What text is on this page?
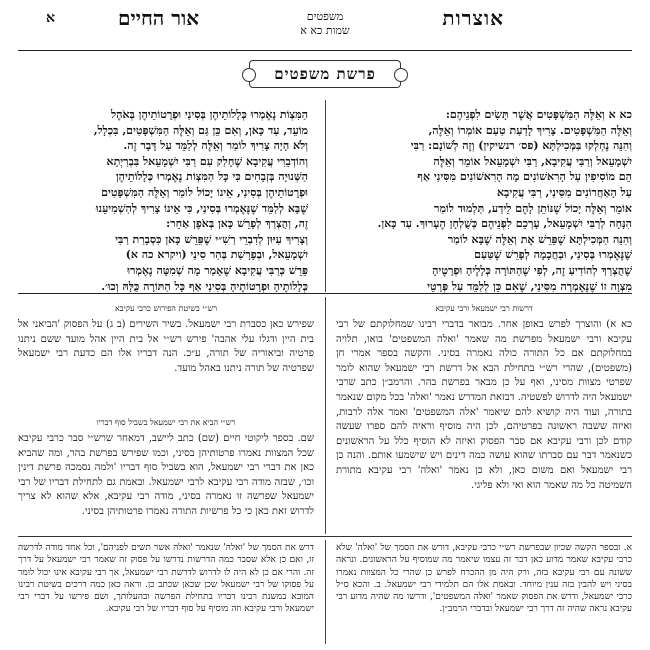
אוצרות
משפטים
שמות כא א
אור החיים
א
פרשת משפטים

כא א וְאֵלֶּה הַמִּשְׁפָּטִים אֲשֶׁר תָּשִׂים לִפְנֵיהֶם:

וְאֵלֶּה הַמִּשְׁפָּטִים. צָרִיךְ לָדַעַת טַעַם אוֹמְרוֹ וְאֵלֶּה,

וְהִנֵּה נֶחְלְקוּ בַּמְּכִילְתָּא (פס׳ רנשיקין) וְזֶה לְשׁוֹנָם: רַבִּי

יִשְׁמָעֵאל וְרַבִּי עֲקִיבָא, רַבִּי יִשְׁמָעֵאל אוֹמֵר וְאֵלֶּה

הֵם מוֹסִיפִין עַל הָרִאשׁוֹנִים מָה הָרִאשׁוֹנִים מִסִּינַי אַף

עַל הָאַחֲרוֹנִים מִסִּינַי, רַבִּי עֲקִיבָא

אוֹמֵר וְאֵלֶּה יָכוֹל שֶׁנּוֹתֵן לָהֶם לֵידַע, תַּלְמוּד לוֹמַר

הִנָּחָה לְרַבִּי יִשְׁמָעֵאל, עָרְכֵם לִפְנֵיהֶם כְּשֻׁלְחָן הֶעָרוּךְ. עַד כָּאן.

וְהִנֵּה הַמְּכִילְתָּא שֶׁפֵּרֵשׁ אֶת וְאֵלֶּה שֶׁבָּא לוֹמַר

שֶׁנֶּאֶמְרוּ בְּסִינַי, וּבַחֲכָמָה לְפָרֵשׁ שֶׁטַּעַם

שֶׁהֻצְרַךְ לְהוֹדִיעַ זֶה, לְפִי שֶׁהַתּוֹרָה כְּלָלֶיהָ וּפְרָטֶיהָ

מִצְוָה זוֹ שֶׁנֶּאֶמְרָה מִסִּינַי, שֶׁאִם כֵּן לְלַמֵּד עַל פְּרָטֵי

הַמִּצְוֹת נֶאֶמְרוּ כְּלָלוֹתֵיהֶן בְּסִינַי וּפְרָטוֹתֵיהֶן בְּאֹהֶל

מוֹעֵד, עַד כָּאן, וְאִם כֵּן גַּם וְאֵלֶּה הַמִּשְׁפָּטִים, בִּכְלָל,

וְלֹא הָיָה צָרִיךְ לוֹמַר וְאֵלֶּה לְלַמֵּד עַל דָּבָר זֶה.

וְהוֹדְבֵרִי עֲקִיבָא שֶׁחָלַק עִם רַבִּי יִשְׁמָעֵאל בִּבְרַיְתָא

הַשְּׁנוּיָה בְּזְבָחִים כִּי כָּל הַמִּצְוֹת נֶאֶמְרוּ כְּלָלוֹתֵיהֶן

וּפְרָטוֹתֵיהֶן בְּסִינַי, אֵינוֹ יָכוֹל לוֹמַר וְאֵלֶּה הַמִּשְׁפָּטִים

שֶׁבָּא לְלַמֵּד שֶׁנֶּאֶמְרוּ בְּסִינַי, כִּי אֵינוֹ צָרִיךְ לְהַשְׁמִיעֵנוּ

זֶה, וְהֻצְרַךְ לְפָרֵשׁ כָּאן בְּאֹפֶן אַחֵר:

וְצָרִיךְ עִיּוּן לְדִבְרֵי רַשִׁ״י שֶׁפֵּרֵשׁ כָּאן כִּסְבָרַת רַבִּי

יִשְׁמָעֵאל, וּבְפָרָשַׁת בְּהַר סִינַי (ויקרא כה א)

פֵּרֵשׁ כְּרַבִּי עֲקִיבָא שֶׁאָמַר מָה שְׁמִטָּה נֶאֶמְרוּ

כְּלָלוֹתֶיהָ וּפְרָטוֹתֶיהָ בְּסִינַי אַף כָּל הַתּוֹרָה כֻּלָּהּ וְכוּ׳.

דרשות רבי ישמעאל ורבי עקיבא

כא א) והוצרך לפרש באופן אחר. מבואר בדברי רבינו שמחלוקתם של רבי עקיבא ורבי ישמעאל מפרשת מה שאמר 'ואלה המשפטים' בואו, תלויה במחלוקתם אם כל התורה כולה נאמרה בסיני. והקשה בספר אמרי חן (משפטים), שהרי רש״י בתחילת הבא אל דרשת רבי ישמעאל שהוא לומר שפרטי מצוות מסיני, ואף על כן מבאר בפרשת בהר. והרמב״ן כתב שרבי ישמעאל היה לדרוש לפשטיה. דבזאת המדרש נאמר 'ואלה' בכל מקום שנאמר בתורה, ועוד היה קושיא להם שיאמר 'אלה המשפטים' ואמר אלה לרבות, ואיזה ששבה ראשונה בפרטיהם, לכן היה מוסיף וראיה להם ספרו שעשה קודם לכן ורבי עקיבא אם סבר הפסוק ואיזה לא הוסיף כלל על הראשונים כשנאמר דבר עם סברתו שהוא עושה כמה דינים ויש שישמעו אותם. והנה כן רבי ישמעאל ואם משום כאן, ולא כן נאמר 'ואלה' רבי עקיבא מתורת השמיטה כל מה שאמר הוא ואי ולא פליגי.

רש״י בשיטת הפירוש כרבי עקיבא

שפירש כאן כסברת רבי ישמעאל. בשיר השירים (ב ג) על הפסוק 'הביאני אל בית היין ודגלו עלי אהבה' פירש רש״י אל בית היין אהל מועד ששם ניתנו פרטיה וביאוריה של תורה, ע״כ. הנה דבריו אלו הם כדעת רבי ישמעאל שפרטיה של תורה ניתנו באהל מועד.

רש״י הביא את רבי ישמעאל בשביל סוף דבריו

שם. בספר ליקוטי חיים (שם) כתב ליישב, דמאחר שרש״י סבר כרבי עקיבא שכל המצוות נאמרו פרטותיהן בסיני, וכמו שפירש בפרשת בהר, ומה שהביא כאן את דברי רבי ישמעאל, הוא בשביל סוף דבריו 'ולמה נסמכה פרשת דינין וכו׳, שבזה מודה רבי עקיבא לרבי ישמעאל. ובאמת גם לתחילת דבריו של רבי ישמעאל שפרשה זו נאמרה בסיני, מודה רבי עקיבא, אלא שהוא לא צריך לדרוש זאת כאן כי כל פרשיות התורה נאמרו פרטותיהן בסיני.

א. ובספר הקשה שכיון שבפרשת רש״י כרבי עקיבא, דורש את הסמך של 'ואלה' שלא כרבי עקיבא שאמר מדוע כאן דבר זה עצמו שיאמר מה שמוסיף על הראשונים. ונראה ששונה עם רבי עקיבא בזה, ורק היה מן ההכרח לפרש כן שהרי כל המצוות נאמרו בסיני ויש להבין בזה ענין מיוחד. ובאמת אלו הם תלמידי רבי ישמעאל. ב. והכא ס״ל כרבי ישמעאל, ודרש את הפסוק שאמר 'ואלה המשפטים', ודרשו מה שהיה מדוע רבי עקיבא נראה שהיה זה דרך רבי ישמעאל ובדברי הרמב״ן.
דרש את הסמך של 'ואלה' שנאמר 'ואלה אשר תשים לפניהם', וכל אחד מודה לדרשה זו, ואם כן אלא שסבר כמה הדרשות נדרשו על פסוק זה שאמר רבי ישמעאל על דרך זה. והרי אם כן לא היה לו לדרוש לדרשת רבי ישמעאל, אך רבי עקיבא אינו יכול לומר על פסוקו של רבי ישמעאל שכן שכאן שכתב כן. וראה כאן כמה דרכים בשיטת רבינו המובא במשנת רבינו דבריו בתחילת הפרשה ובהעלותך, ושם פירשו על דברי רבי ישמעאל ורבי עקיבא וזה מוסיף על סוף דבריו של רבי עקיבא.
